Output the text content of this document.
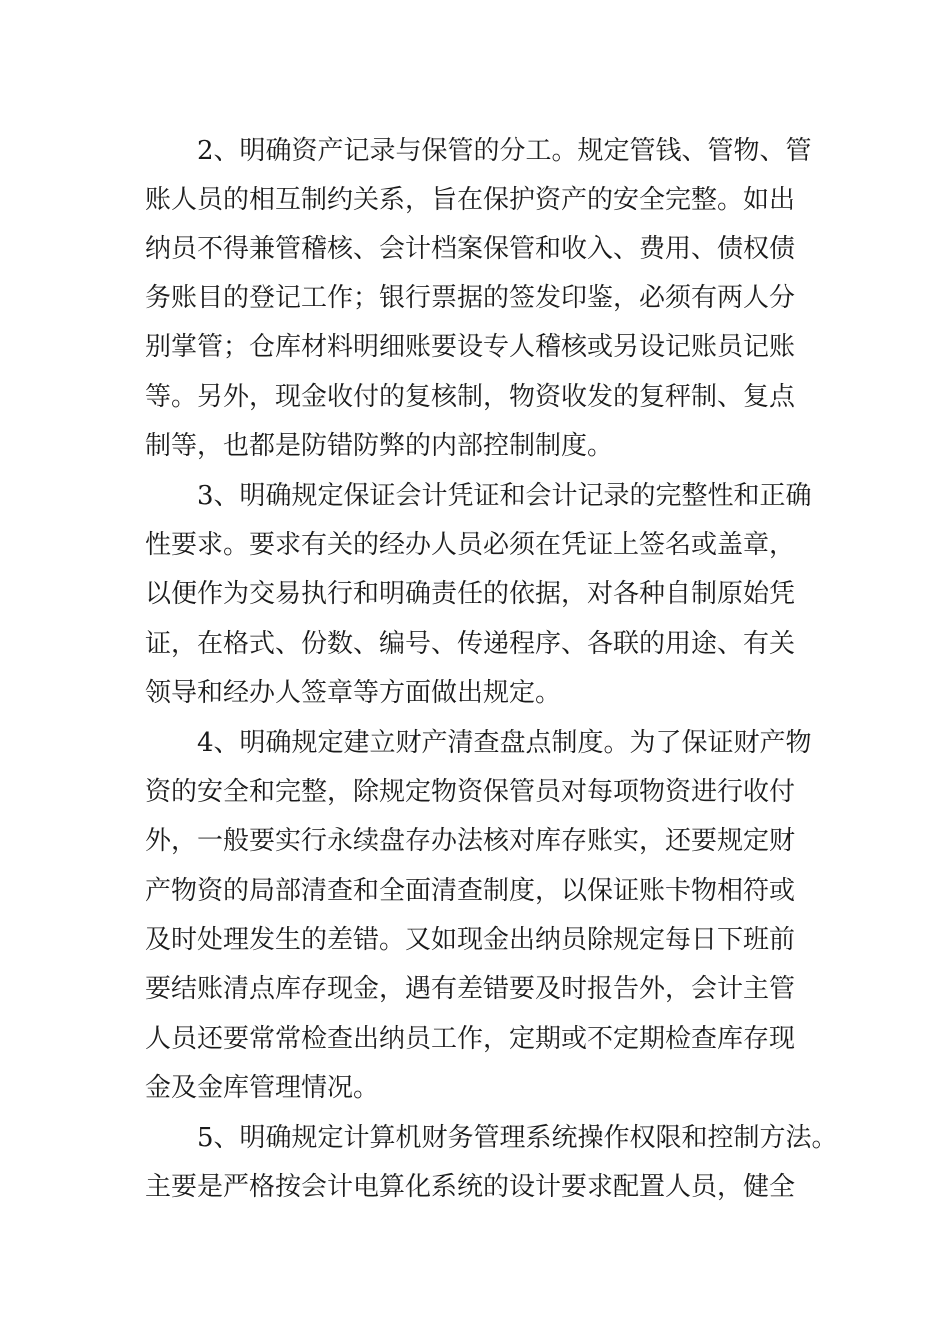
2、明确资产记录与保管的分工。规定管钱、管物、管
账人员的相互制约关系，旨在保护资产的安全完整。如出
纳员不得兼管稽核、会计档案保管和收入、费用、债权债
务账目的登记工作；银行票据的签发印鉴，必须有两人分
别掌管；仓库材料明细账要设专人稽核或另设记账员记账
等。另外，现金收付的复核制，物资收发的复秤制、复点
制等，也都是防错防弊的内部控制制度。
3、明确规定保证会计凭证和会计记录的完整性和正确
性要求。要求有关的经办人员必须在凭证上签名或盖章，
以便作为交易执行和明确责任的依据，对各种自制原始凭
证，在格式、份数、编号、传递程序、各联的用途、有关
领导和经办人签章等方面做出规定。
4、明确规定建立财产清查盘点制度。为了保证财产物
资的安全和完整，除规定物资保管员对每项物资进行收付
外，一般要实行永续盘存办法核对库存账实，还要规定财
产物资的局部清查和全面清查制度，以保证账卡物相符或
及时处理发生的差错。又如现金出纳员除规定每日下班前
要结账清点库存现金，遇有差错要及时报告外，会计主管
人员还要常常检查出纳员工作，定期或不定期检查库存现
金及金库管理情况。
5、明确规定计算机财务管理系统操作权限和控制方法。
主要是严格按会计电算化系统的设计要求配置人员，健全
